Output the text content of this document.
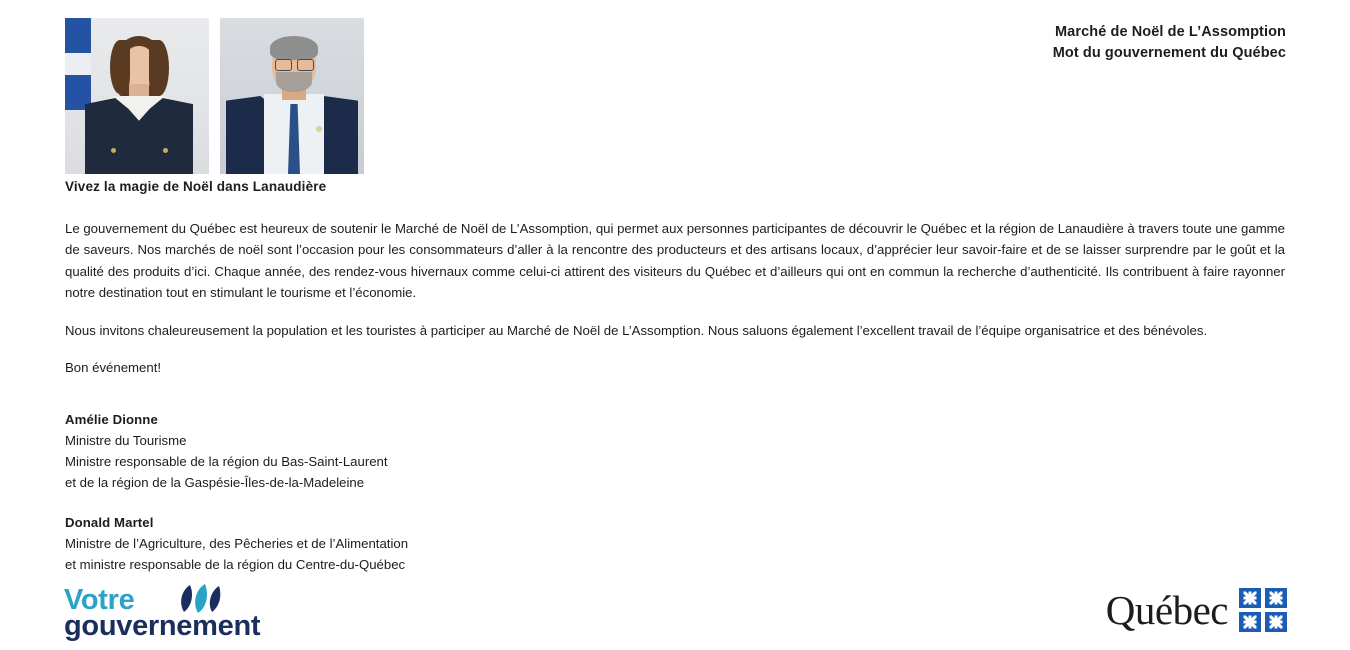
Marché de Noël de L’Assomption
Mot du gouvernement du Québec
Vivez la magie de Noël dans Lanaudière

Le gouvernement du Québec est heureux de soutenir le Marché de Noël de L’Assomption, qui permet aux personnes participantes de découvrir le Québec et la région de Lanaudière à travers toute une gamme de saveurs. Nos marchés de noël sont l’occasion pour les consommateurs d’aller à la rencontre des producteurs et des artisans locaux, d’apprécier leur savoir-faire et de se laisser surprendre par le goût et la qualité des produits d’ici. Chaque année, des rendez-vous hivernaux comme celui-ci attirent des visiteurs du Québec et d’ailleurs qui ont en commun la recherche d’authenticité. Ils contribuent à faire rayonner notre destination tout en stimulant le tourisme et l’économie.

Nous invitons chaleureusement la population et les touristes à participer au Marché de Noël de L’Assomption. Nous saluons également l’excellent travail de l’équipe organisatrice et des bénévoles.

Bon événement!

Amélie Dionne
Ministre du Tourisme
Ministre responsable de la région du Bas-Saint-Laurent
et de la région de la Gaspésie-Îles-de-la-Madeleine
Donald Martel
Ministre de l’Agriculture, des Pêcheries et de l’Alimentation
et ministre responsable de la région du Centre-du-Québec
Votre
gouvernement	Québec
